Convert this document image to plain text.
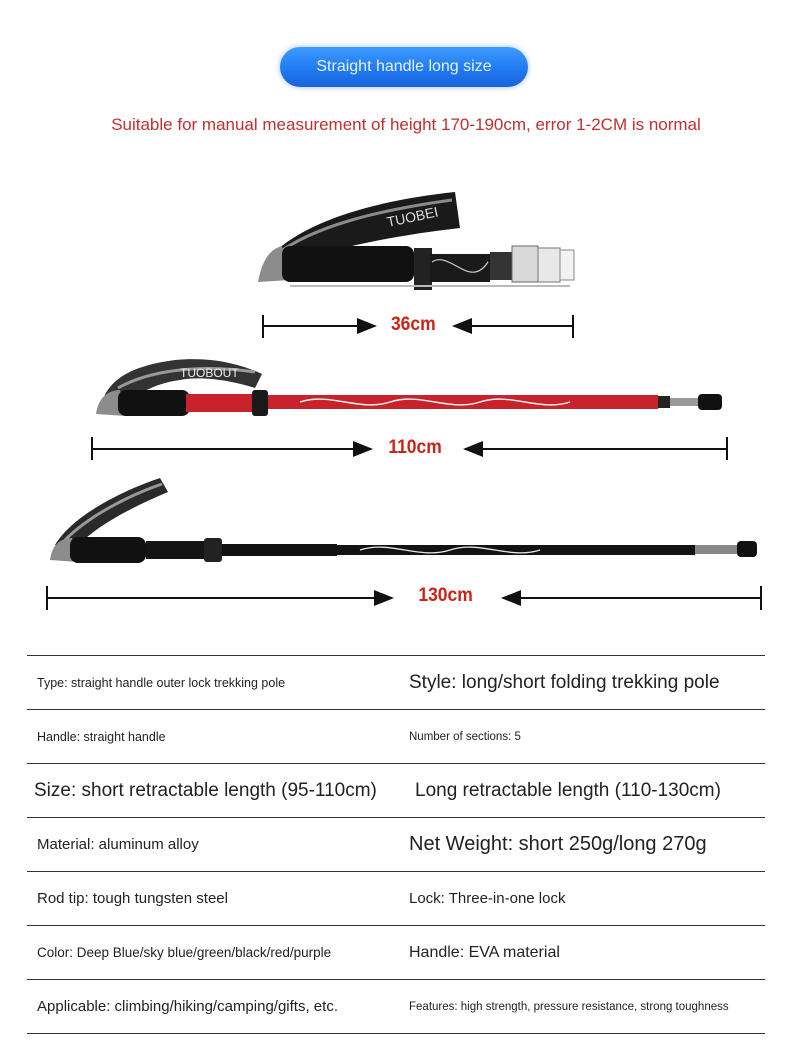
Straight handle long size
Suitable for manual measurement of height 170-190cm, error 1-2CM is normal
TUOBEI
TUOBOUT
36cm
110cm
130cm
Type: straight handle outer lock trekking pole	Style: long/short folding trekking pole
Handle: straight handle	Number of sections: 5
Size: short retractable length (95-110cm) Long retractable length (110-130cm)
Material: aluminum alloy	Net Weight: short 250g/long 270g
Rod tip: tough tungsten steel	Lock: Three-in-one lock
Color: Deep Blue/sky blue/green/black/red/purple	Handle: EVA material
Applicable: climbing/hiking/camping/gifts, etc.	Features: high strength, pressure resistance, strong toughness
